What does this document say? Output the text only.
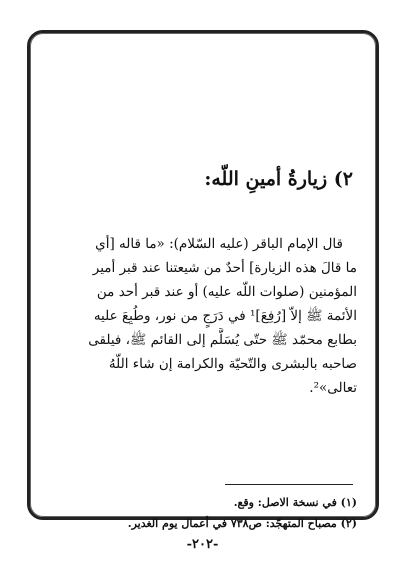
٢) زيارةُ أمينِ اللّه:
قال الإمام الباقر (عليه السّلام): «ما قاله [أي
ما قالَ هذه الزيارة] أحدٌ من شيعتنا عند قبر أمير
المؤمنين (صلوات اللّه عليه) أو عند قبر أحد من
الأئمة ﷺ إلاّ [رُفِعَ]¹ في دَرَجٍ من نور، وطُبِعَ عليه
بطابع محمّد ﷺ حتّى يُسَلَّم إلى القائم ﷺ، فيلقى
صاحبه بالبشرى والتّحيّة والكرامة إن شاء اللّهُ
تعالى»².
(١) في نسخة الاصل: وقع.
(٢) مصباح المتهجّد: ص٧٣٨ في أعمال يوم الغدير.
-٢٠٢-
